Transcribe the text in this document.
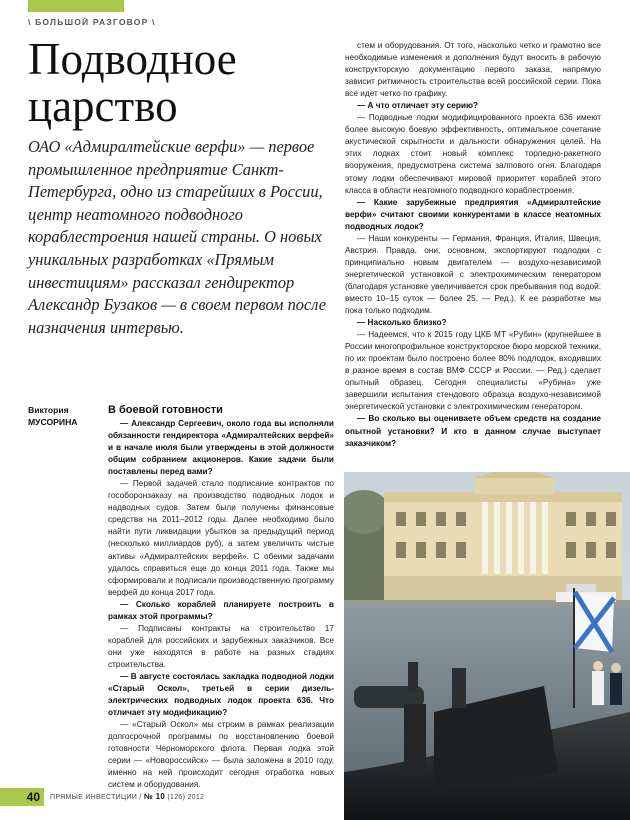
\ БОЛЬШОЙ РАЗГОВОР \
Подводное
царство

ОАО «Адмиралтейские верфи» — первое промышленное предприятие Санкт-Петербурга, одно из старейших в России, центр неатомного подводного кораблестроения нашей страны. О новых уникальных разработках «Прямым инвестициям» рассказал гендиректор Александр Бузаков — в своем первом после назначения интервью.

Виктория
МУСОРИНА
В боевой готовности

— Александр Сергеевич, около года вы исполняли обязанности гендиректора «Адмиралтейских верфей» и в начале июля были утверждены в этой должности общим собранием акционеров. Какие задачи были поставлены перед вами?

— Первой задачей стало подписание контрактов по гособоронзаказу на производство подводных лодок и надводных судов. Затем были получены финансовые средства на 2011–2012 годы. Далее необходимо было найти пути ликвидации убытков за предыдущий период (несколько миллиардов руб), а затем увеличить чистые активы «Адмиралтейских верфей». С обеими задачами удалось справиться еще до конца 2011 года. Также мы сформировали и подписали производственную программу верфей до конца 2017 года.

— Сколько кораблей планируете построить в рамках этой программы?

— Подписаны контракты на строительство 17 кораблей для российских и зарубежных заказчиков. Все они уже находятся в работе на разных стадиях строительства.

— В августе состоялась закладка подводной лодки «Старый Оскол», третьей в серии дизель-электрических подводных лодок проекта 636. Что отличает эту модификацию?

— «Старый Оскол» мы строим в рамках реализации долгосрочной программы по восстановлению боевой готовности Черноморского флота. Первая лодка этой серии — «Новороссийск» — была заложена в 2010 году, именно на ней происходит сегодня отработка новых систем и оборудования.

стем и оборудования. От того, насколько четко и грамотно все необходимые изменения и дополнения будут вносить в рабочую конструкторскую документацию первого заказа, напрямую зависит ритмичность строительства всей российской серии. Пока все идет четко по графику.

— А что отличает эту серию?

— Подводные лодки модифицированного проекта 636 имеют более высокую боевую эффективность, оптимальное сочетание акустической скрытности и дальности обнаружения целей. На этих лодках стоит новый комплекс торпедно-ракетного вооружения, предусмотрена система залпового огня. Благодаря этому лодки обеспечивают мировой приоритет кораблей этого класса в области неатомного подводного кораблестроения.

— Какие зарубежные предприятия «Адмиралтейские верфи» считают своими конкурентами в классе неатомных подводных лодок?

— Наши конкуренты — Германия, Франция, Италия, Швеция, Австрия. Правда, они, основном, экспортируют подлодки с принципиально новым двигателем — воздухо-независимой энергетической установкой с электрохимическим генератором (благодаря установке увеличивается срок пребывания под водой: вместо 10–15 суток — более 25. — Ред.). К ее разработке мы пока только подходим.

— Насколько близко?

— Надеемся, что к 2015 году ЦКБ МТ «Рубин» (крупнейшее в России многопрофильное конструкторское бюро морской техники, по их проектам было построено более 80% подлодок, входивших в разное время в состав ВМФ СССР и России. — Ред.) сделает опытный образец. Сегодня специалисты «Рубина» уже завершили испытания стендового образца воздухо-независимой энергетической установки с электрохимическим генератором.

— Во сколько вы оцениваете объем средств на создание опытной установки? И кто в данном случае выступает заказчиком?

40	ПРЯМЫЕ ИНВЕСТИЦИИ / № 10 (126) 2012
